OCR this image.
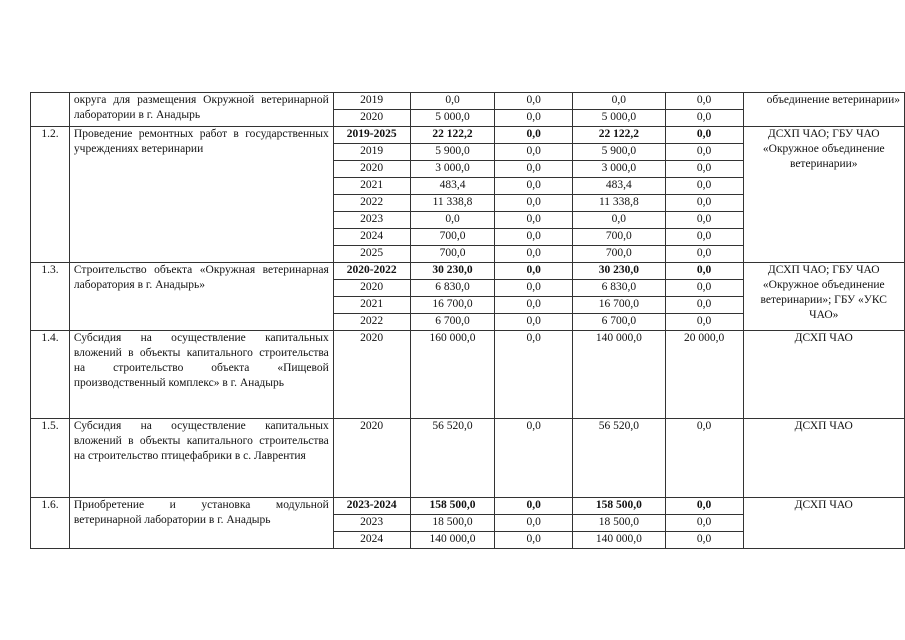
	округа для размещения Окружной ветеринарной лаборатории в г. Анадырь	2019	0,0	0,0	0,0	0,0	объединение ветеринарии»
		2020	5 000,0	0,0	5 000,0	0,0	
1.2.	Проведение ремонтных работ в государственных учреждениях ветеринарии	2019-2025	22 122,2	0,0	22 122,2	0,0	ДСХП ЧАО; ГБУ ЧАО «Окружное объединение ветеринарии»
		2019	5 900,0	0,0	5 900,0	0,0	
		2020	3 000,0	0,0	3 000,0	0,0	
		2021	483,4	0,0	483,4	0,0	
		2022	11 338,8	0,0	11 338,8	0,0	
		2023	0,0	0,0	0,0	0,0	
		2024	700,0	0,0	700,0	0,0	
		2025	700,0	0,0	700,0	0,0	
1.3.	Строительство объекта «Окружная ветеринарная лаборатория в г. Анадырь»	2020-2022	30 230,0	0,0	30 230,0	0,0	ДСХП ЧАО; ГБУ ЧАО «Окружное объединение ветеринарии»; ГБУ «УКС ЧАО»
		2020	6 830,0	0,0	6 830,0	0,0	
		2021	16 700,0	0,0	16 700,0	0,0	
		2022	6 700,0	0,0	6 700,0	0,0	
1.4.	Субсидия на осуществление капитальных вложений в объекты капитального строительства на строительство объекта «Пищевой производственный комплекс» в г. Анадырь	2020	160 000,0	0,0	140 000,0	20 000,0	ДСХП ЧАО
1.5.	Субсидия на осуществление капитальных вложений в объекты капитального строительства на строительство птицефабрики в с. Лаврентия	2020	56 520,0	0,0	56 520,0	0,0	ДСХП ЧАО
1.6.	Приобретение и установка модульной ветеринарной лаборатории в г. Анадырь	2023-2024	158 500,0	0,0	158 500,0	0,0	ДСХП ЧАО
		2023	18 500,0	0,0	18 500,0	0,0	
		2024	140 000,0	0,0	140 000,0	0,0	
